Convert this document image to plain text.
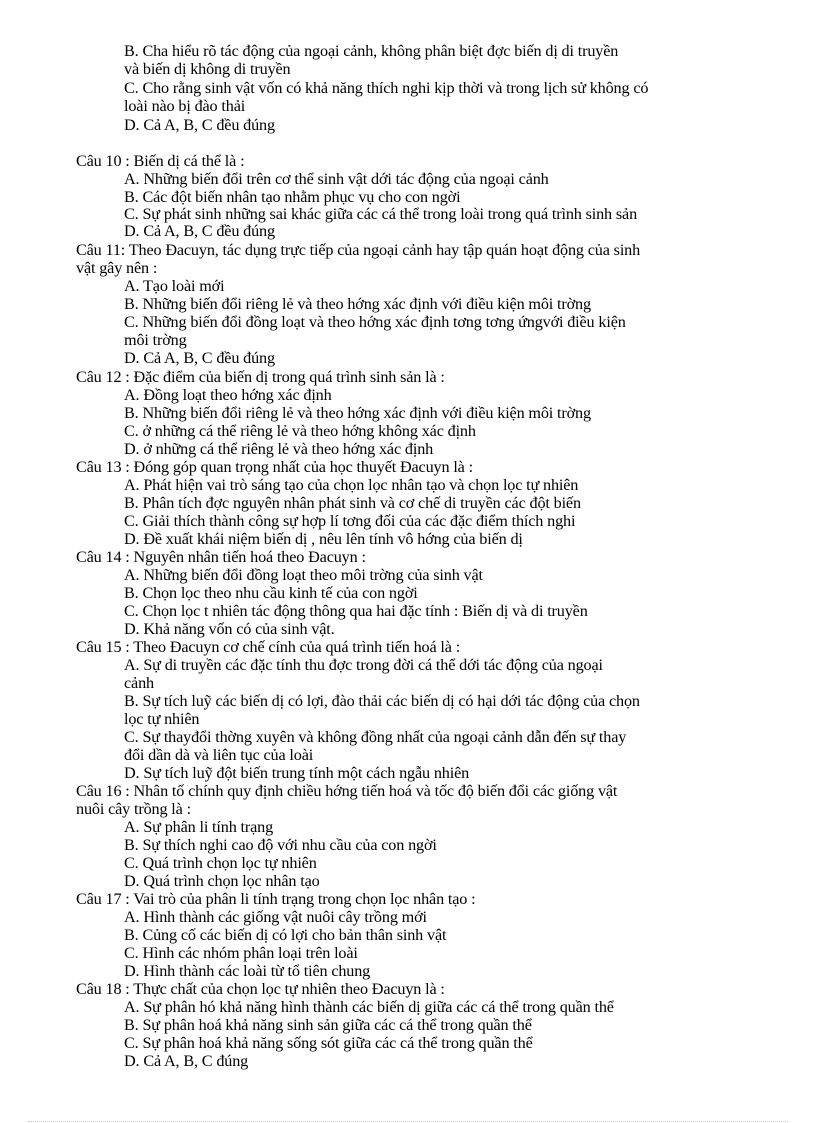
B. Cha hiểu rõ tác động của ngoại cảnh, không phân biệt đợc biến dị di truyền
và biến dị không di truyền
C. Cho rằng sinh vật vốn có khả năng thích nghi kịp thời và trong lịch sử không có
loài nào bị đào thải
D. Cả A, B, C đều đúng
Câu 10 : Biến dị cá thể là :
A. Những biến đổi trên cơ thể sinh vật dới tác động của ngoại cảnh
B. Các đột biến nhân tạo nhằm phục vụ cho con ngời
C. Sự phát sinh những sai khác giữa các cá thể trong loài trong quá trình sinh sản
D. Cả A, B, C đều đúng
Câu 11: Theo Đacuyn, tác dụng trực tiếp của ngoại cảnh hay tập quán hoạt động của sinh
vật gây nên :
A. Tạo loài mới
B. Những biến đổi riêng lẻ và theo hớng xác định với điều kiện môi trờng
C. Những biến đổi đồng loạt và theo hớng xác định tơng tơng ứngvới điều kiện
môi trờng
D. Cả A, B, C đều đúng
Câu 12 : Đặc điểm của biến dị trong quá trình sinh sản là :
A. Đồng loạt theo hớng xác định
B. Những biến đổi riêng lẻ và theo hớng xác định với điều kiện môi trờng
C. ở những cá thể riêng lẻ và theo hớng không xác định
D. ở những cá thể riêng lẻ và theo hớng xác định
Câu 13 : Đóng góp quan trọng nhất của học thuyết Đacuyn là :
A. Phát hiện vai trò sáng tạo của chọn lọc nhân tạo và chọn lọc tự nhiên
B. Phân tích đợc nguyên nhân phát sinh và cơ chế di truyền các đột biến
C. Giải thích thành công sự hợp lí tơng đối của các đặc điểm thích nghi
D. Đề xuất khái niệm biến dị , nêu lên tính vô hớng của biến dị
Câu 14 : Nguyên nhân tiến hoá theo Đacuyn :
A. Những biến đổi đồng loạt theo môi trờng của sinh vật
B. Chọn lọc theo nhu cầu kinh tế của con ngời
C. Chọn lọc t nhiên tác động thông qua hai đặc tính : Biến dị và di truyền
D. Khả năng vốn có của sinh vật.
Câu 15 : Theo Đacuyn cơ chế cính của quá trình tiến hoá là :
A. Sự di truyền các đặc tính thu đợc trong đời cá thể dới tác động của ngoại
cảnh
B. Sự tích luỹ các biến dị có lợi, đào thải các biến dị có hại dới tác động của chọn
lọc tự nhiên
C. Sự thayđổi thờng xuyên và không đồng nhất của ngoại cảnh dẫn đến sự thay
đổi dần dà và liên tục của loài
D. Sự tích luỹ đột biến trung tính một cách ngẫu nhiên
Câu 16 : Nhân tố chính quy định chiều hớng tiến hoá và tốc độ biến đổi các giống vật
nuôi cây trồng là :
A. Sự phân li tính trạng
B. Sự thích nghi cao độ với nhu cầu của con ngời
C. Quá trình chọn lọc tự nhiên
D. Quá trình chọn lọc nhân tạo
Câu 17 : Vai trò của phân li tính trạng trong chọn lọc nhân tạo :
A. Hình thành các giống vật nuôi cây trồng mới
B. Củng cố các biến dị có lợi cho bản thân sinh vật
C. Hình các nhóm phân loại trên loài
D. Hình thành các loài từ tổ tiên chung
Câu 18 : Thực chất của chọn lọc tự nhiên theo Đacuyn là :
A. Sự phân hó khả năng hình thành các biến dị giữa các cá thể trong quần thể
B. Sự phân hoá khả năng sinh sản giữa các cá thể trong quần thể
C. Sự phân hoá khả năng sống sót giữa các cá thể trong quần thể
D. Cả A, B, C đúng
